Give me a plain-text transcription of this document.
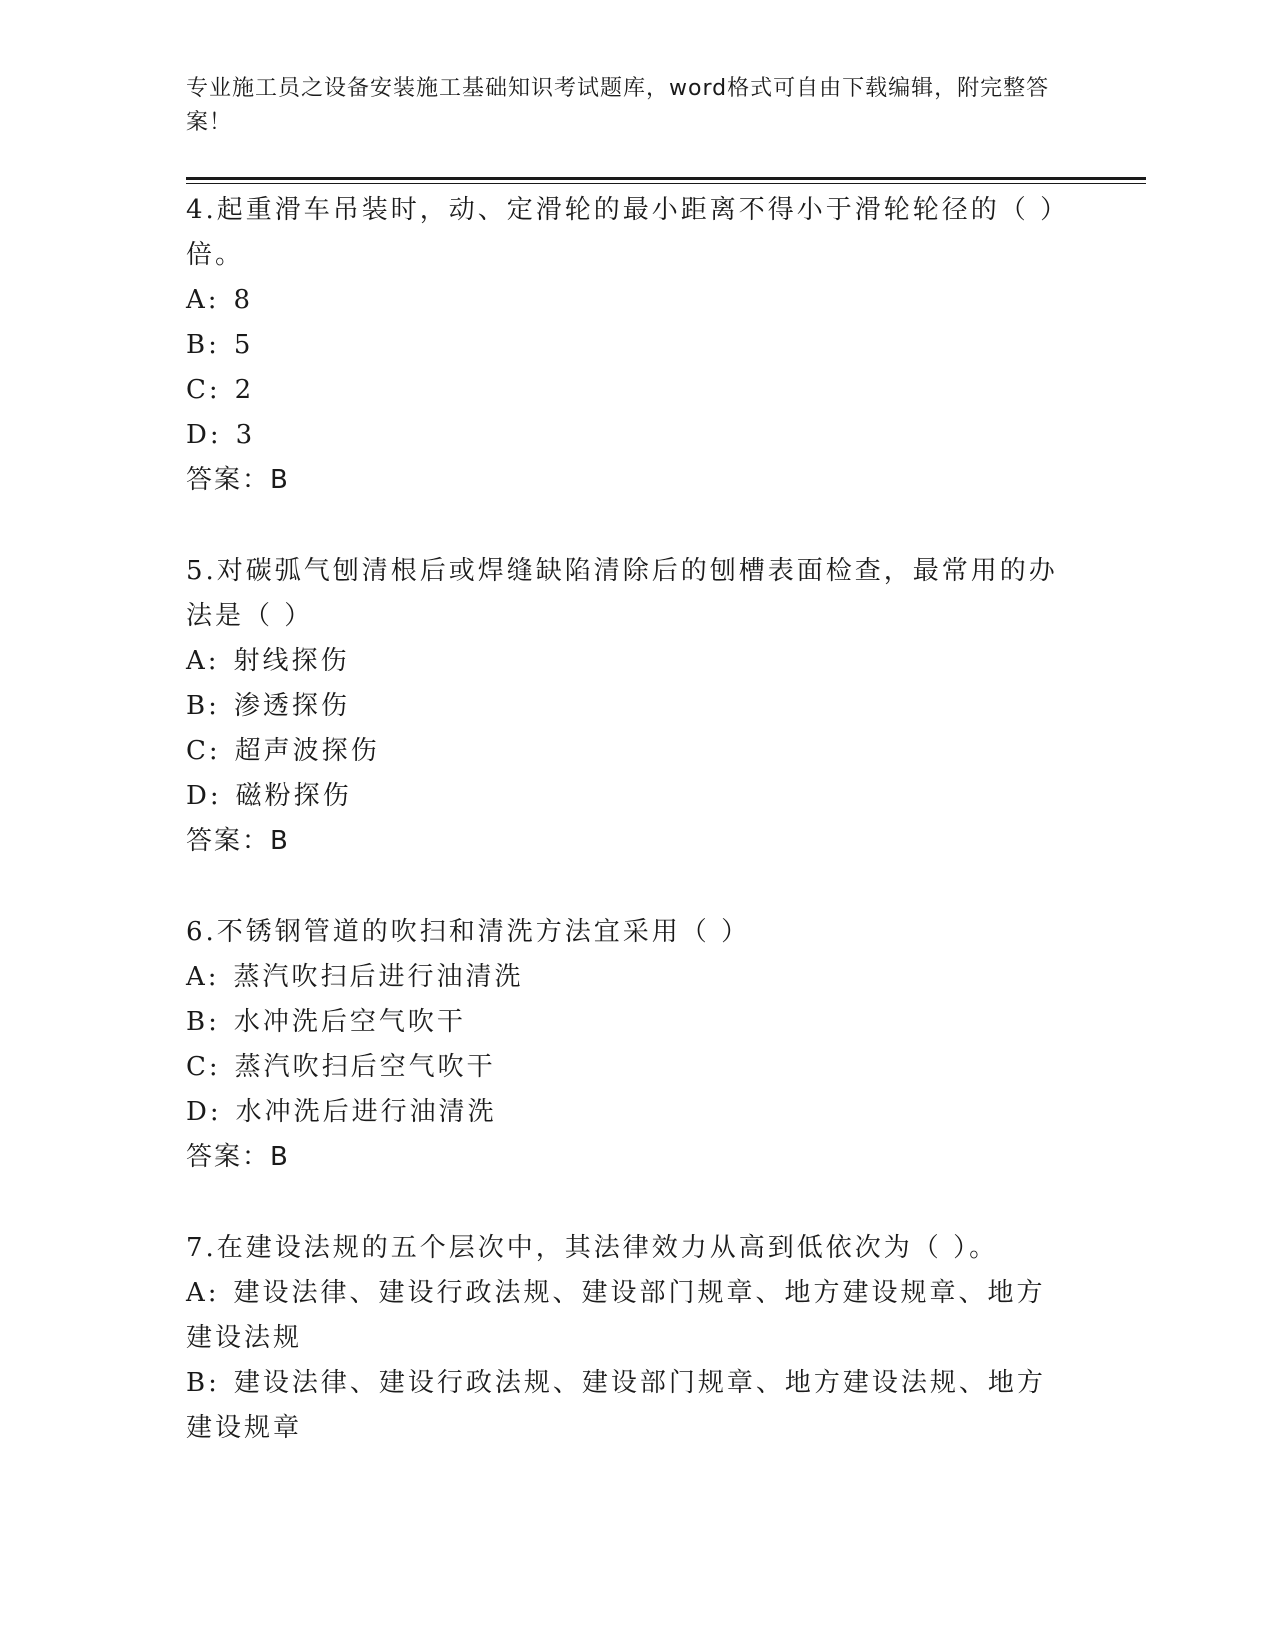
专业施工员之设备安装施工基础知识考试题库，word格式可自由下载编辑，附完整答案！
4.起重滑车吊装时，动、定滑轮的最小距离不得小于滑轮轮径的（ ）倍。
A: 8
B: 5
C: 2
D: 3
答案：B
5.对碳弧气刨清根后或焊缝缺陷清除后的刨槽表面检查，最常用的办法是（ ）
A: 射线探伤
B: 渗透探伤
C: 超声波探伤
D: 磁粉探伤
答案：B
6.不锈钢管道的吹扫和清洗方法宜采用（ ）
A: 蒸汽吹扫后进行油清洗
B: 水冲洗后空气吹干
C: 蒸汽吹扫后空气吹干
D: 水冲洗后进行油清洗
答案：B
7.在建设法规的五个层次中，其法律效力从高到低依次为（ ）。
A: 建设法律、建设行政法规、建设部门规章、地方建设规章、地方建设法规
B: 建设法律、建设行政法规、建设部门规章、地方建设法规、地方建设规章
